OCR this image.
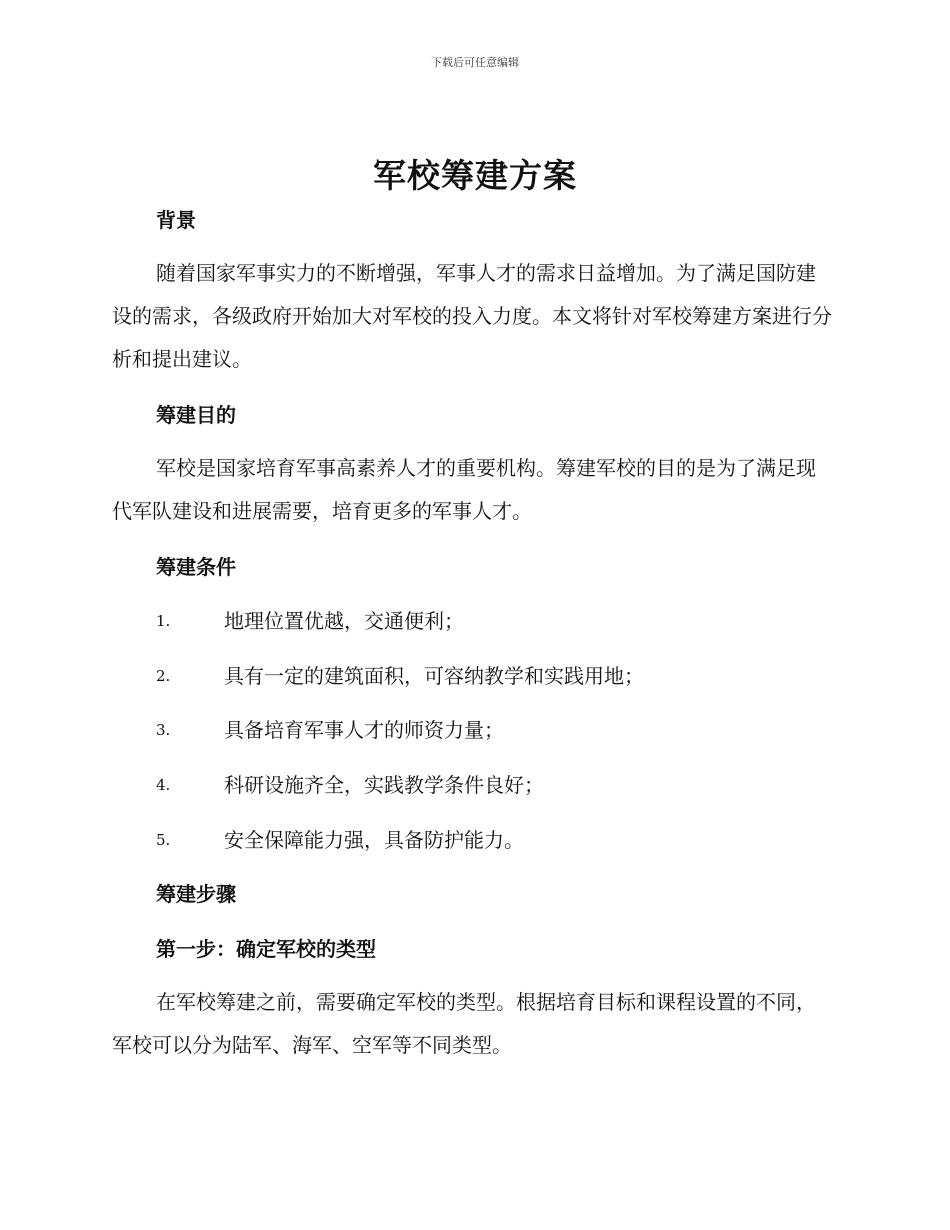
下载后可任意编辑
军校筹建方案
背景

随着国家军事实力的不断增强，军事人才的需求日益增加。为了满足国防建设的需求，各级政府开始加大对军校的投入力度。本文将针对军校筹建方案进行分析和提出建议。

筹建目的

军校是国家培育军事高素养人才的重要机构。筹建军校的目的是为了满足现代军队建设和进展需要，培育更多的军事人才。

筹建条件
1.	地理位置优越，交通便利；
2.	具有一定的建筑面积，可容纳教学和实践用地；
3.	具备培育军事人才的师资力量；
4.	科研设施齐全，实践教学条件良好；
5.	安全保障能力强，具备防护能力。
筹建步骤
第一步：确定军校的类型

在军校筹建之前，需要确定军校的类型。根据培育目标和课程设置的不同，军校可以分为陆军、海军、空军等不同类型。
